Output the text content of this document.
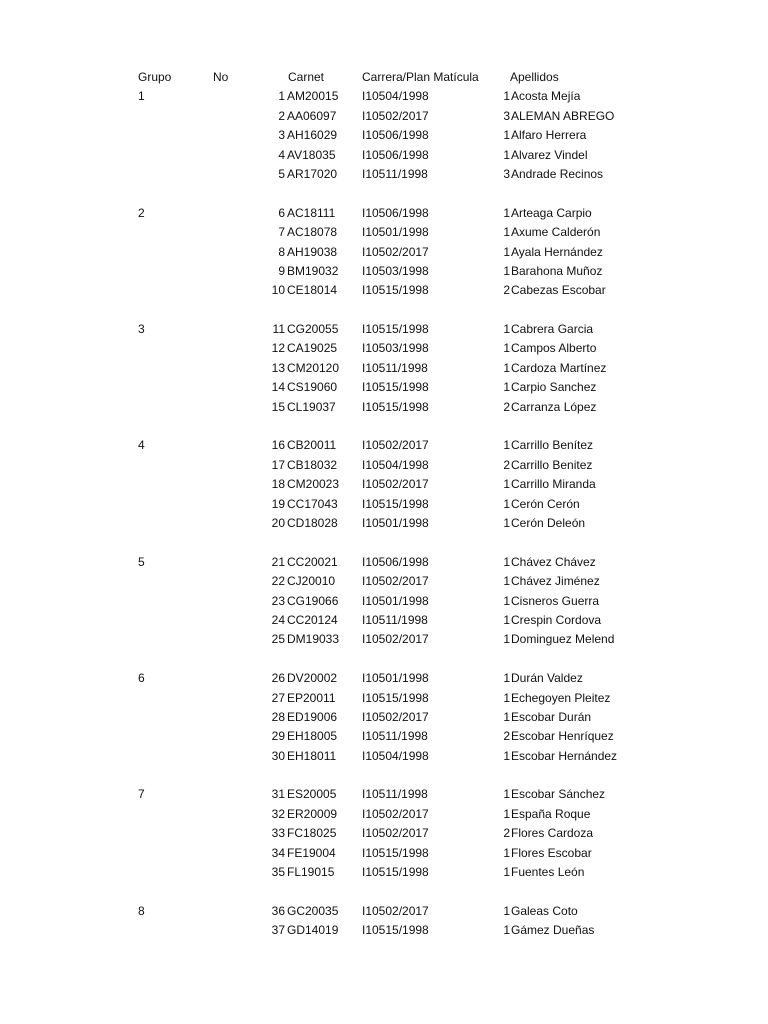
Grupo	No	Carnet	Carrera/Plan Matícula	Apellidos
1	1 AM20015 I10504/1998	1 Acosta Mejía
2 AA06097 I10502/2017	3 ALEMAN ABREGO
3 AH16029 I10506/1998	1 Alfaro Herrera
4 AV18035 I10506/1998	1 Alvarez Vindel
5 AR17020 I10511/1998	3 Andrade Recinos
2	6 AC18111 I10506/1998	1 Arteaga Carpio
7 AC18078 I10501/1998	1 Axume Calderón
8 AH19038 I10502/2017	1 Ayala Hernández
9 BM19032 I10503/1998	1 Barahona Muñoz
10 CE18014 I10515/1998	2 Cabezas Escobar
3	11 CG20055 I10515/1998	1 Cabrera Garcia
12 CA19025 I10503/1998	1 Campos Alberto
13 CM20120 I10511/1998	1 Cardoza Martínez
14 CS19060 I10515/1998	1 Carpio Sanchez
15 CL19037 I10515/1998	2 Carranza López
4	16 CB20011 I10502/2017	1 Carrillo Benítez
17 CB18032 I10504/1998	2 Carrillo Benitez
18 CM20023 I10502/2017	1 Carrillo Miranda
19 CC17043 I10515/1998	1 Cerón Cerón
20 CD18028 I10501/1998	1 Cerón Deleón
5	21 CC20021 I10506/1998	1 Chávez Chávez
22 CJ20010 I10502/2017	1 Chávez Jiménez
23 CG19066 I10501/1998	1 Cisneros Guerra
24 CC20124 I10511/1998	1 Crespin Cordova
25 DM19033 I10502/2017	1 Dominguez Melend
6	26 DV20002 I10501/1998	1 Durán Valdez
27 EP20011 I10515/1998	1 Echegoyen Pleitez
28 ED19006 I10502/2017	1 Escobar Durán
29 EH18005 I10511/1998	2 Escobar Henríquez
30 EH18011 I10504/1998	1 Escobar Hernández
7	31 ES20005 I10511/1998	1 Escobar Sánchez
32 ER20009 I10502/2017	1 España Roque
33 FC18025 I10502/2017	2 Flores Cardoza
34 FE19004 I10515/1998	1 Flores Escobar
35 FL19015 I10515/1998	1 Fuentes León
8	36 GC20035 I10502/2017	1 Galeas Coto
37 GD14019 I10515/1998	1 Gámez Dueñas
